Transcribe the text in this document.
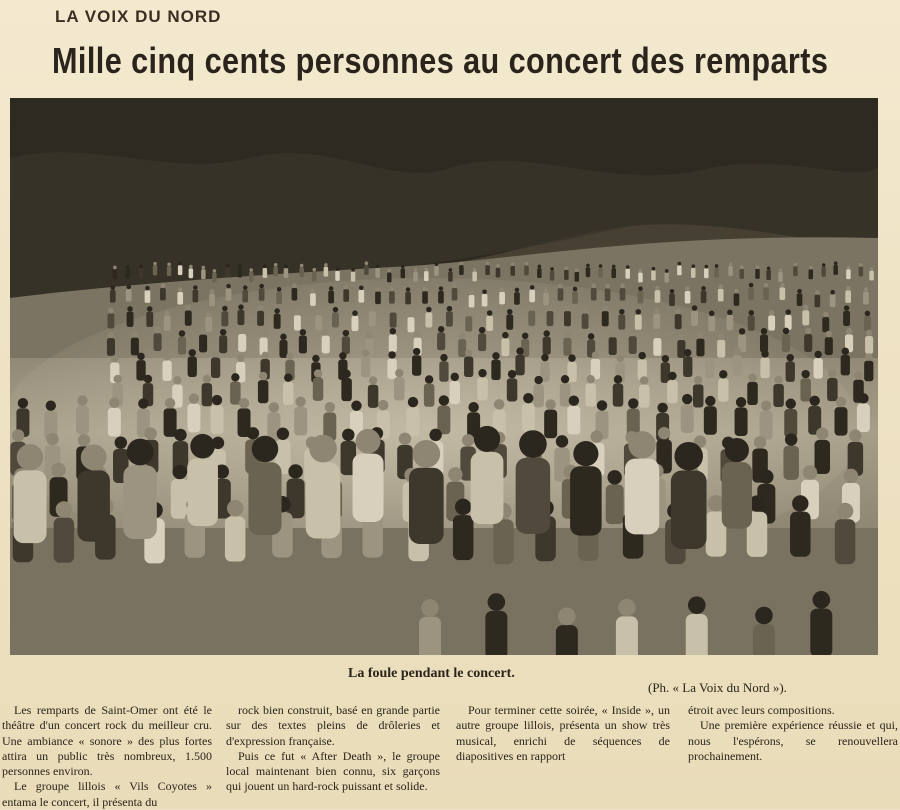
LA VOIX DU NORD
Mille cinq cents personnes au concert des remparts
La foule pendant le concert.
(Ph. « La Voix du Nord »).

Les remparts de Saint-Omer ont été le théâtre d'un concert rock du meilleur cru. Une ambiance « sonore » des plus fortes attira un public très nombreux, 1.500 personnes environ.

Le groupe lillois « Vils Coyotes » entama le concert, il présenta du

rock bien construit, basé en grande partie sur des textes pleins de drôleries et d'expression française.

Puis ce fut « After Death », le groupe local maintenant bien connu, six garçons qui jouent un hard-rock puissant et solide.

Pour terminer cette soirée, « Inside », un autre groupe lillois, présenta un show très musical, enrichi de séquences de diapositives en rapport

étroit avec leurs compositions.

Une première expérience réussie et qui, nous l'espérons, se renouvellera prochainement.
